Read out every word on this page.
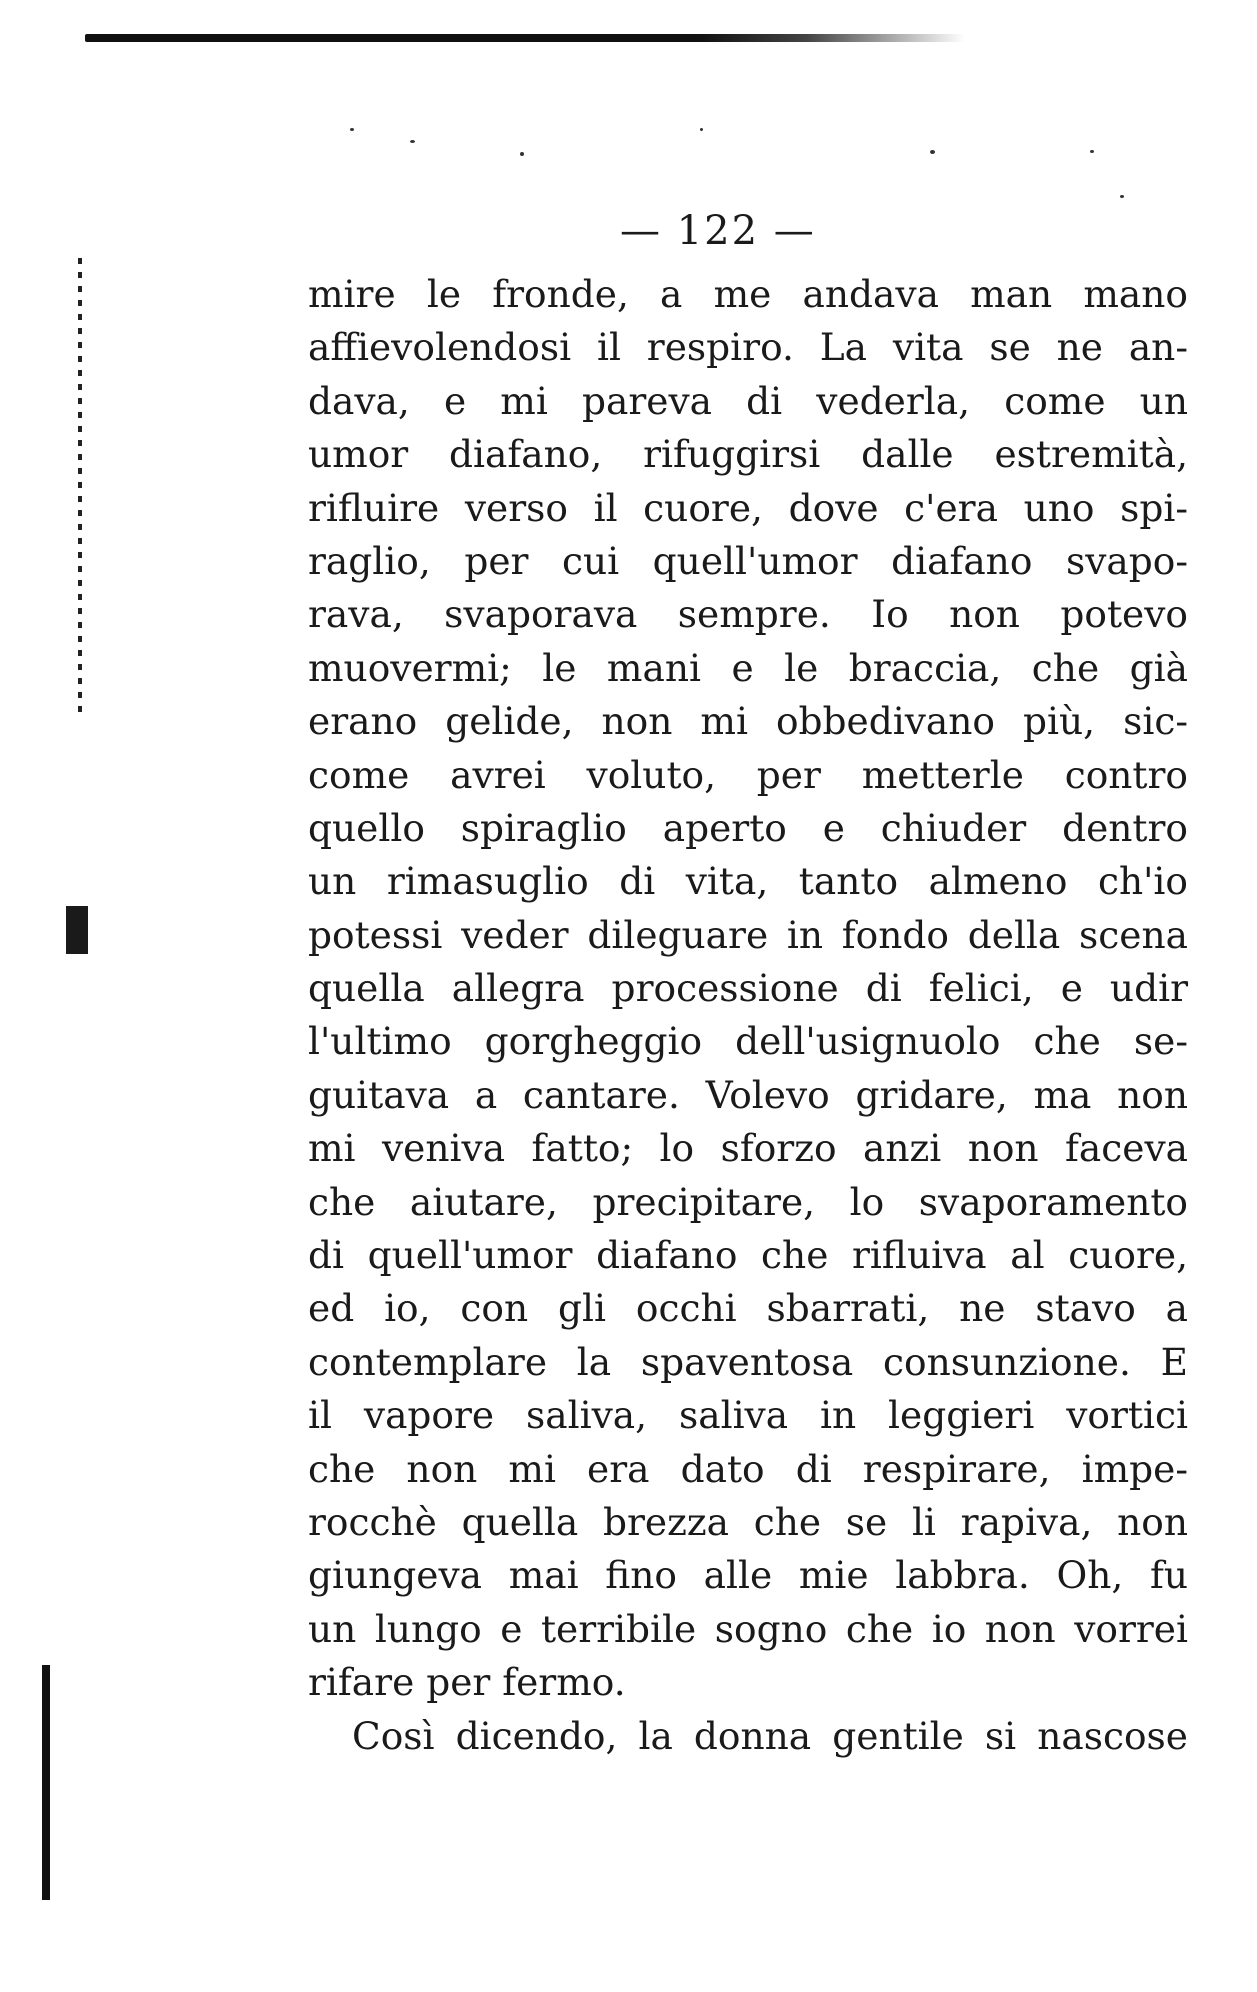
— 122 —
mire le fronde, a me andava man mano
affievolendosi il respiro. La vita se ne an-
dava, e mi pareva di vederla, come un
umor diafano, rifuggirsi dalle estremità,
rifluire verso il cuore, dove c'era uno spi-
raglio, per cui quell'umor diafano svapo-
rava, svaporava sempre. Io non potevo
muovermi; le mani e le braccia, che già
erano gelide, non mi obbedivano più, sic-
come avrei voluto, per metterle contro
quello spiraglio aperto e chiuder dentro
un rimasuglio di vita, tanto almeno ch'io
potessi veder dileguare in fondo della scena
quella allegra processione di felici, e udir
l'ultimo gorgheggio dell'usignuolo che se-
guitava a cantare. Volevo gridare, ma non
mi veniva fatto; lo sforzo anzi non faceva
che aiutare, precipitare, lo svaporamento
di quell'umor diafano che rifluiva al cuore,
ed io, con gli occhi sbarrati, ne stavo a
contemplare la spaventosa consunzione. E
il vapore saliva, saliva in leggieri vortici
che non mi era dato di respirare, impe-
rocchè quella brezza che se li rapiva, non
giungeva mai fino alle mie labbra. Oh, fu
un lungo e terribile sogno che io non vorrei
rifare per fermo.
Così dicendo, la donna gentile si nascose
